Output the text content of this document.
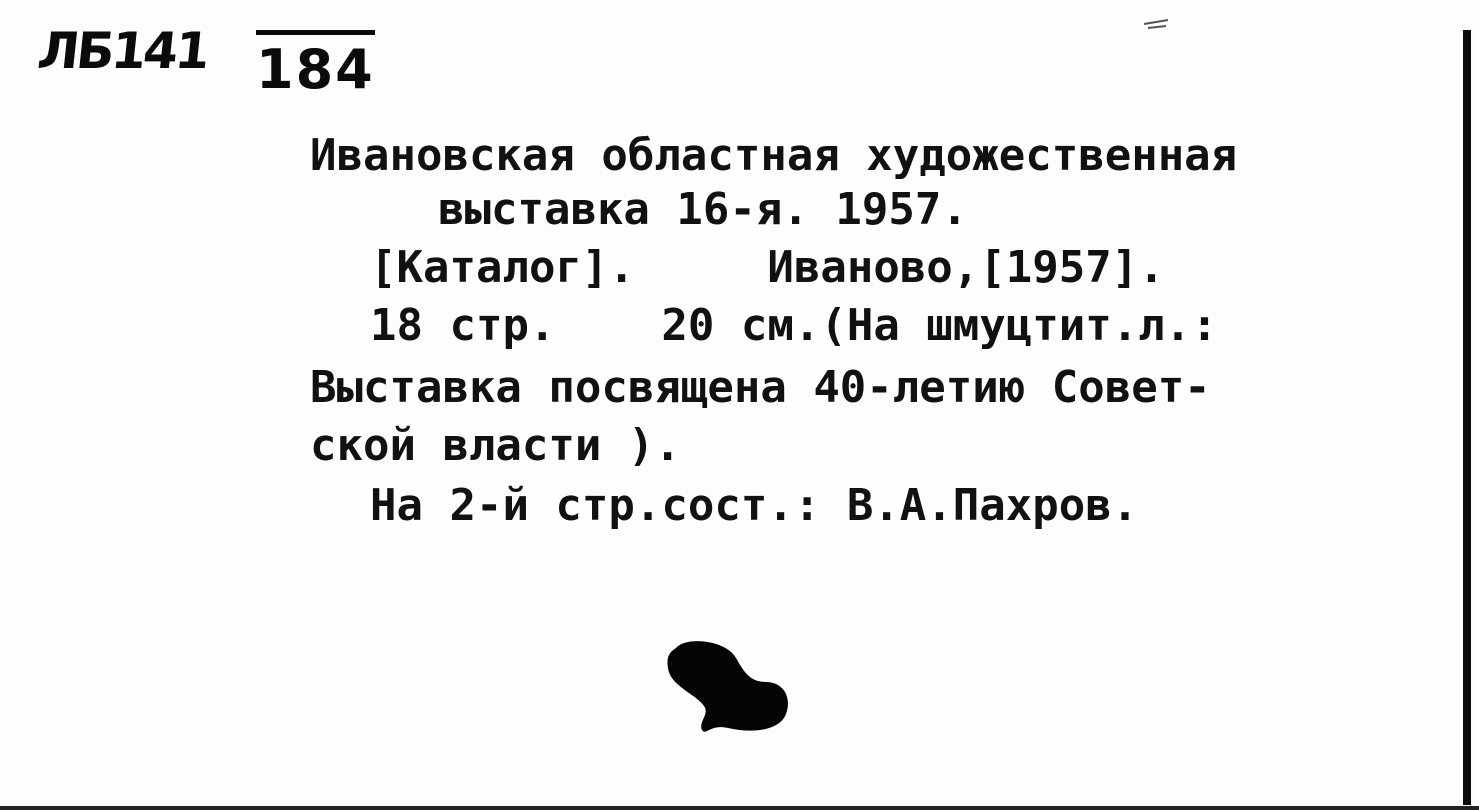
ЛБ141 184
Ивановская областная художественная
выставка 16-я. 1957.
[Каталог].     Иваново,[1957].
18 стр.    20 см.(На шмуцтит.л.:
Выставка посвящена 40-летию Совет-
ской власти ).
На 2-й стр.сост.: В.А.Пахров.
